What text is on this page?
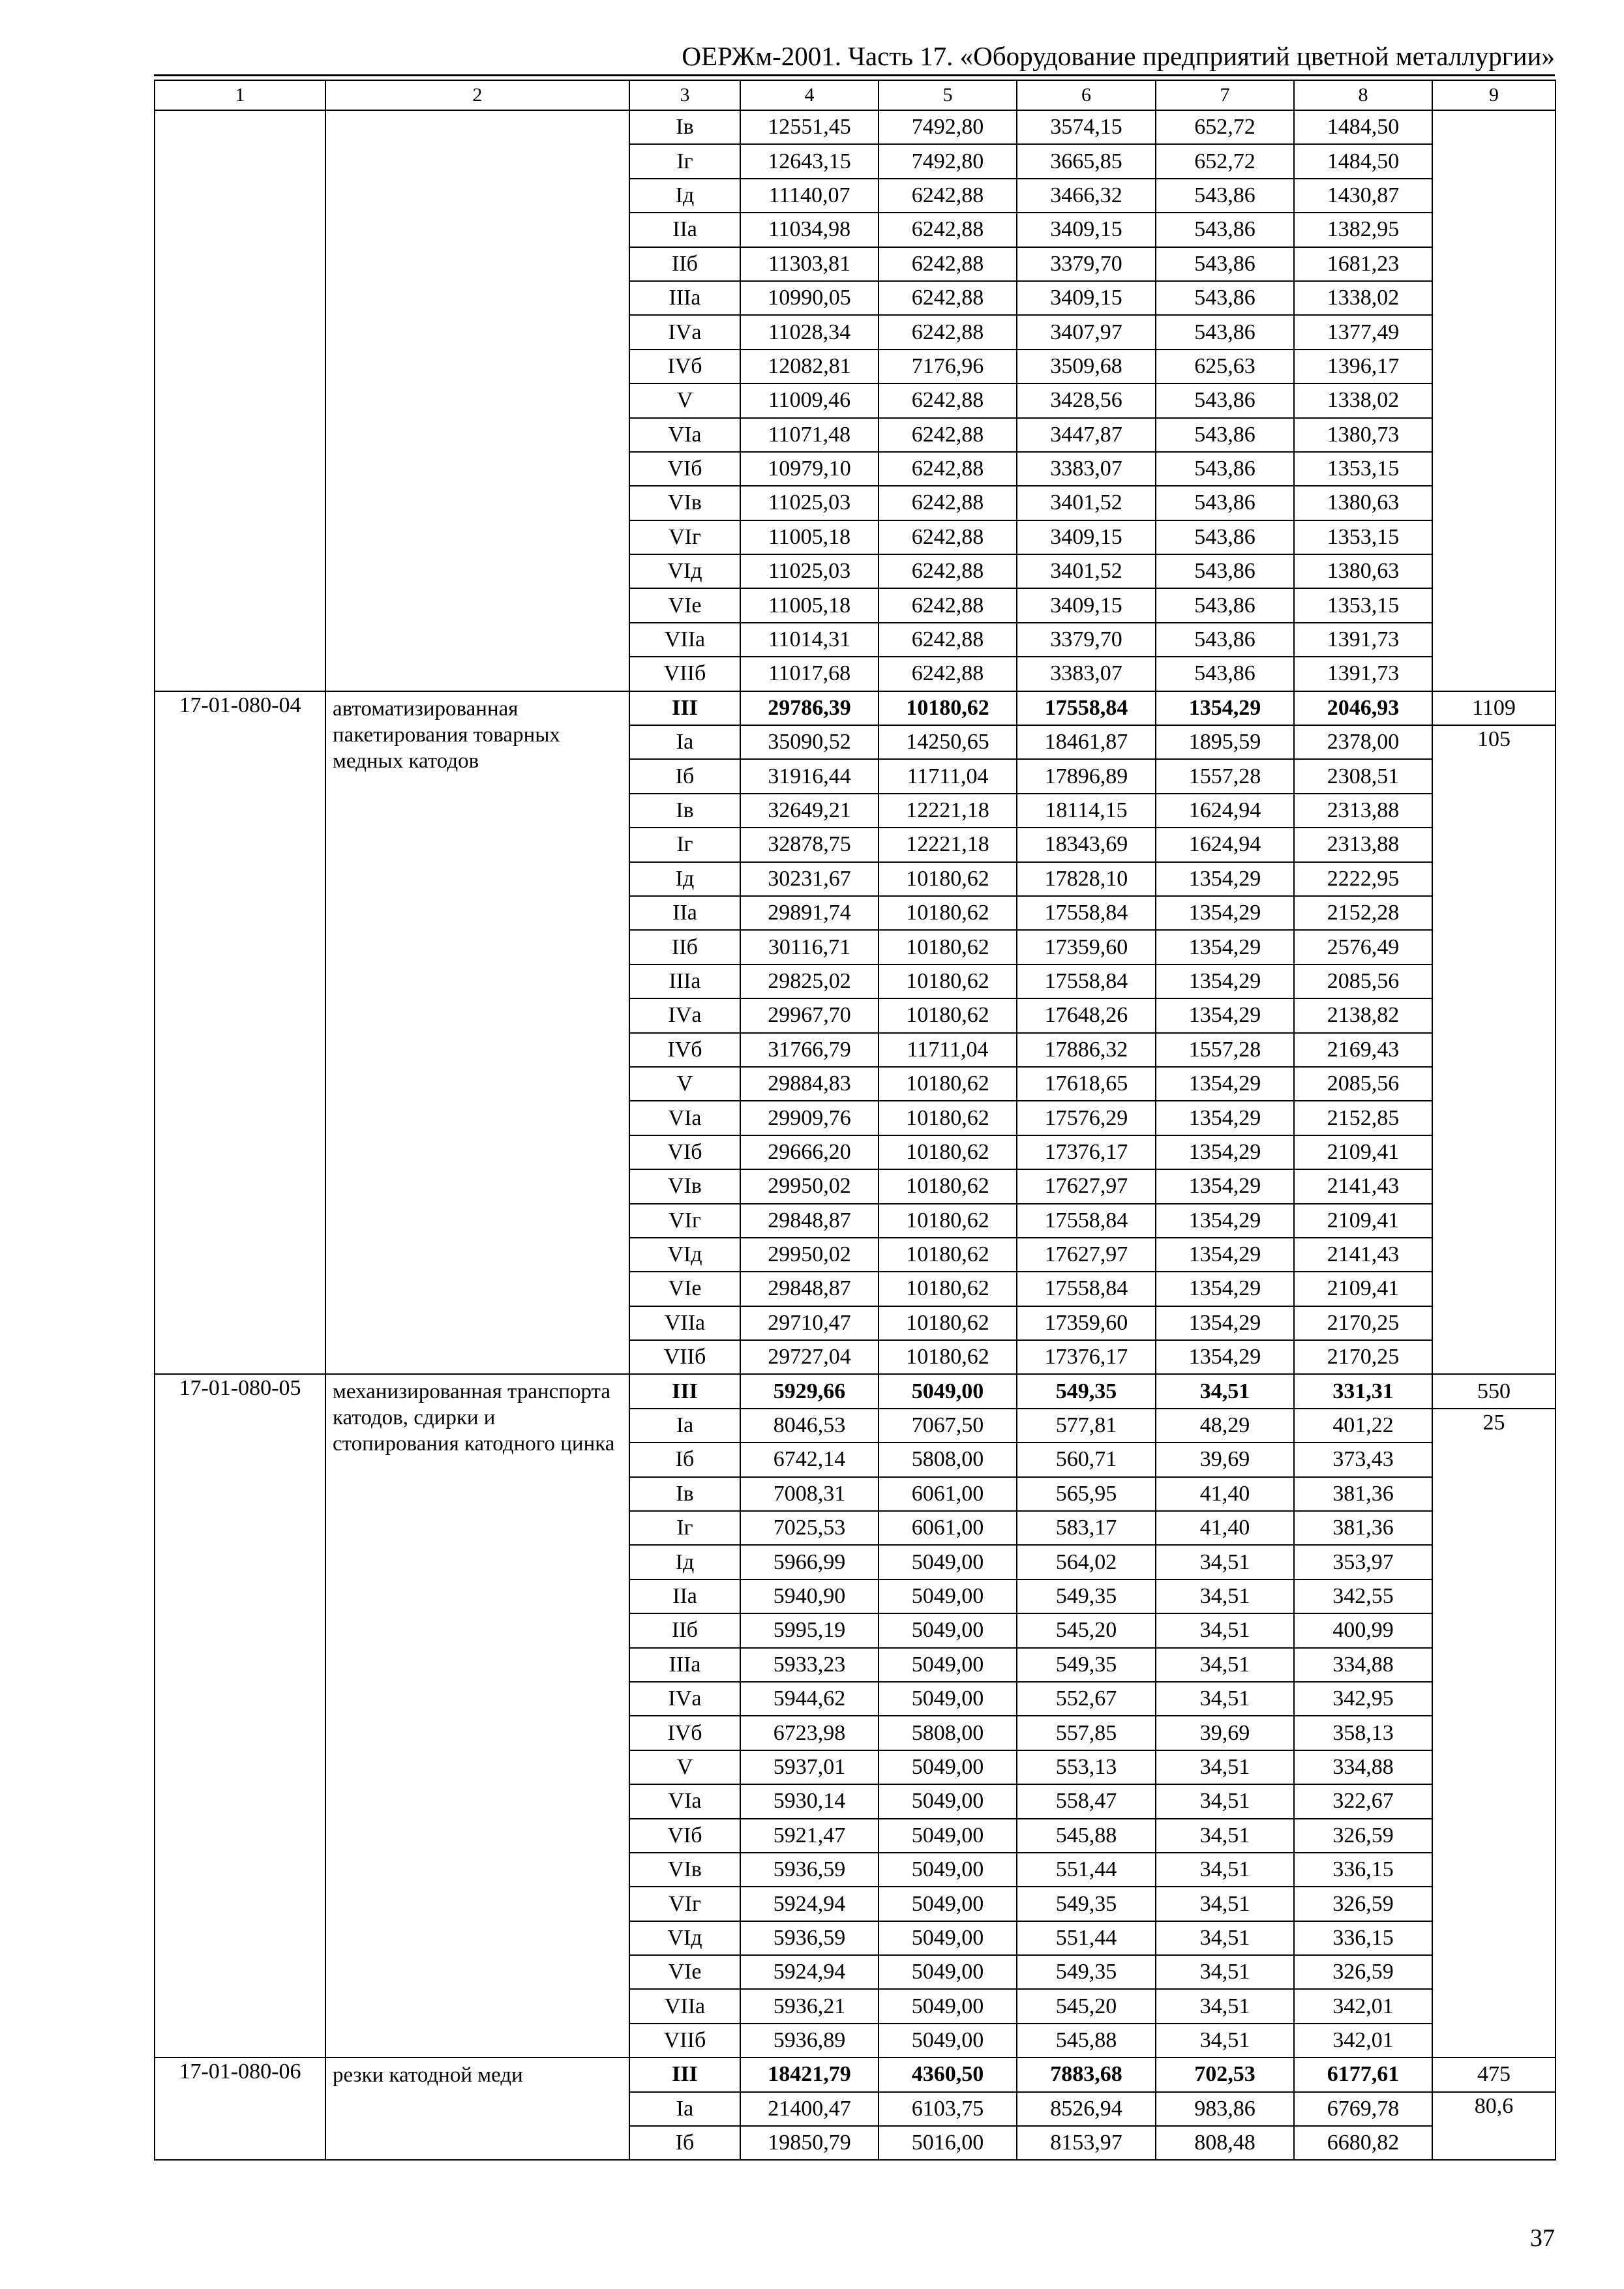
ОЕРЖм-2001. Часть 17. «Оборудование предприятий цветной металлургии»
1	2	3	4	5	6	7	8	9
		Iв	12551,45	7492,80	3574,15	652,72	1484,50	
		Iг	12643,15	7492,80	3665,85	652,72	1484,50	
		Iд	11140,07	6242,88	3466,32	543,86	1430,87	
		IIа	11034,98	6242,88	3409,15	543,86	1382,95	
		IIб	11303,81	6242,88	3379,70	543,86	1681,23	
		IIIа	10990,05	6242,88	3409,15	543,86	1338,02	
		IVа	11028,34	6242,88	3407,97	543,86	1377,49	
		IVб	12082,81	7176,96	3509,68	625,63	1396,17	
		V	11009,46	6242,88	3428,56	543,86	1338,02	
		VIа	11071,48	6242,88	3447,87	543,86	1380,73	
		VIб	10979,10	6242,88	3383,07	543,86	1353,15	
		VIв	11025,03	6242,88	3401,52	543,86	1380,63	
		VIг	11005,18	6242,88	3409,15	543,86	1353,15	
		VIд	11025,03	6242,88	3401,52	543,86	1380,63	
		VIе	11005,18	6242,88	3409,15	543,86	1353,15	
		VIIа	11014,31	6242,88	3379,70	543,86	1391,73	
		VIIб	11017,68	6242,88	3383,07	543,86	1391,73	
17-01-080-04	автоматизированная пакетирования товарных медных катодов	III	29786,39	10180,62	17558,84	1354,29	2046,93	1109
		Iа	35090,52	14250,65	18461,87	1895,59	2378,00	105
		Iб	31916,44	11711,04	17896,89	1557,28	2308,51	
		Iв	32649,21	12221,18	18114,15	1624,94	2313,88	
		Iг	32878,75	12221,18	18343,69	1624,94	2313,88	
		Iд	30231,67	10180,62	17828,10	1354,29	2222,95	
		IIа	29891,74	10180,62	17558,84	1354,29	2152,28	
		IIб	30116,71	10180,62	17359,60	1354,29	2576,49	
		IIIа	29825,02	10180,62	17558,84	1354,29	2085,56	
		IVа	29967,70	10180,62	17648,26	1354,29	2138,82	
		IVб	31766,79	11711,04	17886,32	1557,28	2169,43	
		V	29884,83	10180,62	17618,65	1354,29	2085,56	
		VIа	29909,76	10180,62	17576,29	1354,29	2152,85	
		VIб	29666,20	10180,62	17376,17	1354,29	2109,41	
		VIв	29950,02	10180,62	17627,97	1354,29	2141,43	
		VIг	29848,87	10180,62	17558,84	1354,29	2109,41	
		VIд	29950,02	10180,62	17627,97	1354,29	2141,43	
		VIе	29848,87	10180,62	17558,84	1354,29	2109,41	
		VIIа	29710,47	10180,62	17359,60	1354,29	2170,25	
		VIIб	29727,04	10180,62	17376,17	1354,29	2170,25	
17-01-080-05	механизированная транспорта катодов, сдирки и стопирования катодного цинка	III	5929,66	5049,00	549,35	34,51	331,31	550
		Iа	8046,53	7067,50	577,81	48,29	401,22	25
		Iб	6742,14	5808,00	560,71	39,69	373,43	
		Iв	7008,31	6061,00	565,95	41,40	381,36	
		Iг	7025,53	6061,00	583,17	41,40	381,36	
		Iд	5966,99	5049,00	564,02	34,51	353,97	
		IIа	5940,90	5049,00	549,35	34,51	342,55	
		IIб	5995,19	5049,00	545,20	34,51	400,99	
		IIIа	5933,23	5049,00	549,35	34,51	334,88	
		IVа	5944,62	5049,00	552,67	34,51	342,95	
		IVб	6723,98	5808,00	557,85	39,69	358,13	
		V	5937,01	5049,00	553,13	34,51	334,88	
		VIа	5930,14	5049,00	558,47	34,51	322,67	
		VIб	5921,47	5049,00	545,88	34,51	326,59	
		VIв	5936,59	5049,00	551,44	34,51	336,15	
		VIг	5924,94	5049,00	549,35	34,51	326,59	
		VIд	5936,59	5049,00	551,44	34,51	336,15	
		VIе	5924,94	5049,00	549,35	34,51	326,59	
		VIIа	5936,21	5049,00	545,20	34,51	342,01	
		VIIб	5936,89	5049,00	545,88	34,51	342,01	
17-01-080-06	резки катодной меди	III	18421,79	4360,50	7883,68	702,53	6177,61	475
		Iа	21400,47	6103,75	8526,94	983,86	6769,78	80,6
		Iб	19850,79	5016,00	8153,97	808,48	6680,82	
37
